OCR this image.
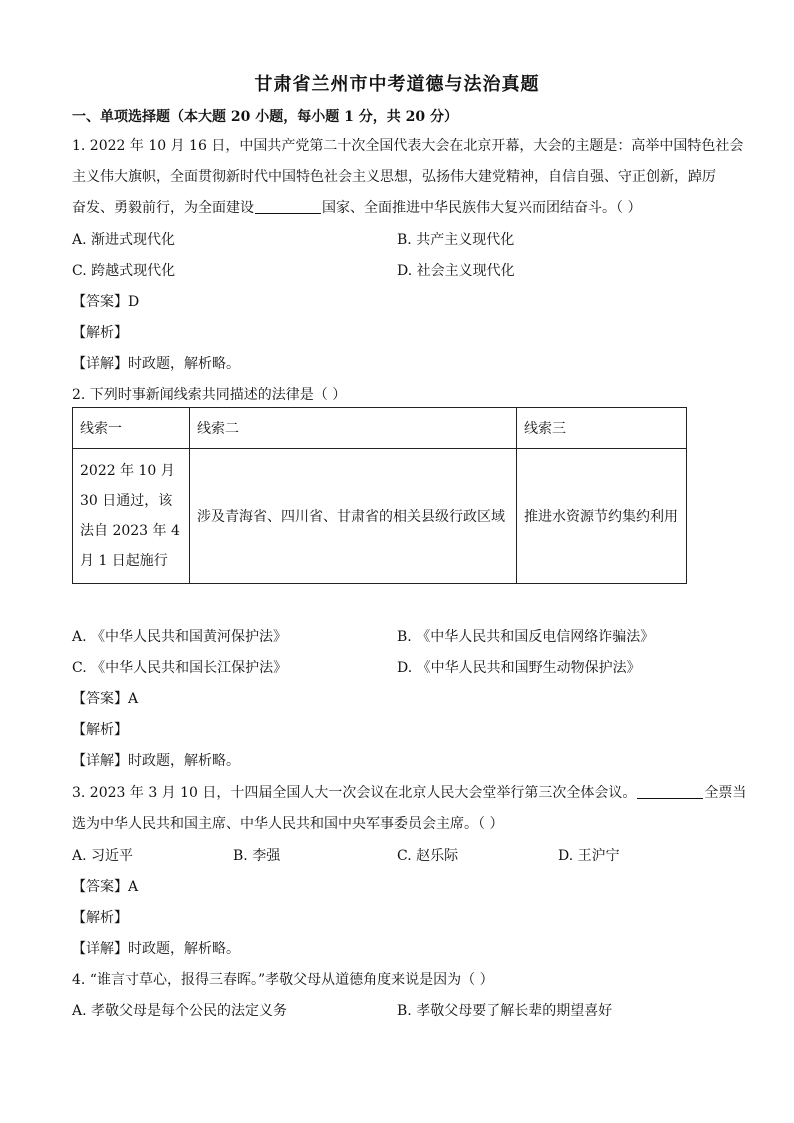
甘肃省兰州市中考道德与法治真题
一、单项选择题（本大题 20 小题，每小题 1 分，共 20 分）
1. 2022 年 10 月 16 日，中国共产党第二十次全国代表大会在北京开幕，大会的主题是：高举中国特色社会
主义伟大旗帜，全面贯彻新时代中国特色社会主义思想，弘扬伟大建党精神，自信自强、守正创新，踔厉
奋发、勇毅前行，为全面建设	国家、全面推进中华民族伟大复兴而团结奋斗。（ ）
A. 渐进式现代化	B. 共产主义现代化
C. 跨越式现代化	D. 社会主义现代化
【答案】D
【解析】
【详解】时政题，解析略。
2. 下列时事新闻线索共同描述的法律是（ ）
线索一	线索二	线索三

2022 年 10 月 30 日通过，该法自 2023 年 4 月 1 日起施行	涉及青海省、四川省、甘肃省的相关县级行政区域	推进水资源节约集约利用
A. 《中华人民共和国黄河保护法》	B. 《中华人民共和国反电信网络诈骗法》
C. 《中华人民共和国长江保护法》	D. 《中华人民共和国野生动物保护法》
【答案】A
【解析】
【详解】时政题，解析略。
3. 2023 年 3 月 10 日，十四届全国人大一次会议在北京人民大会堂举行第三次全体会议。	全票当
选为中华人民共和国主席、中华人民共和国中央军事委员会主席。（ ）
A. 习近平	B. 李强	C. 赵乐际	D. 王沪宁
【答案】A
【解析】
【详解】时政题，解析略。
4. “谁言寸草心，报得三春晖。”孝敬父母从道德角度来说是因为（ ）
A. 孝敬父母是每个公民的法定义务	B. 孝敬父母要了解长辈的期望喜好
